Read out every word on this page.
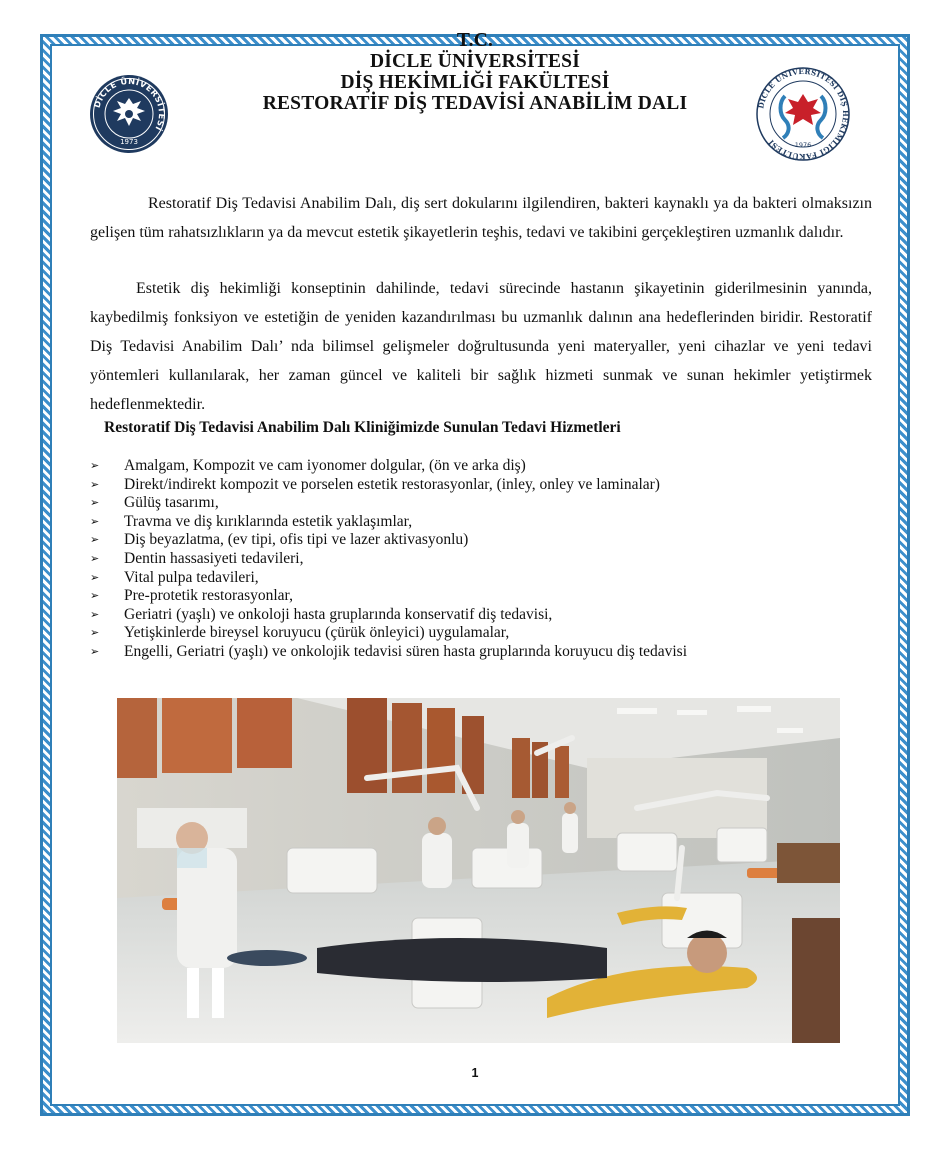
DİCLE ÜNİVERSİTESİ
1973
DİCLE ÜNİVERSİTESİ DİŞ HEKİMLİĞİ FAKÜLTESİ	1976
T.C.
DİCLE ÜNİVERSİTESİ
DİŞ HEKİMLİĞİ FAKÜLTESİ
RESTORATİF DİŞ TEDAVİSİ ANABİLİM DALI
Restoratif Diş Tedavisi Anabilim Dalı, diş sert dokularını ilgilendiren, bakteri kaynaklı ya da bakteri olmaksızın gelişen tüm rahatsızlıkların ya da mevcut estetik şikayetlerin teşhis, tedavi ve takibini gerçekleştiren uzmanlık dalıdır.
Estetik diş hekimliği konseptinin dahilinde, tedavi sürecinde hastanın şikayetinin giderilmesinin yanında, kaybedilmiş fonksiyon ve estetiğin de yeniden kazandırılması bu uzmanlık dalının ana hedeflerinden biridir. Restoratif Diş Tedavisi Anabilim Dalı’ nda bilimsel gelişmeler doğrultusunda yeni materyaller, yeni cihazlar ve yeni tedavi yöntemleri kullanılarak, her zaman güncel ve kaliteli bir sağlık hizmeti sunmak ve sunan hekimler yetiştirmek hedeflenmektedir.
Restoratif Diş Tedavisi Anabilim Dalı Kliniğimizde Sunulan Tedavi Hizmetleri
➢ Amalgam, Kompozit ve cam iyonomer dolgular, (ön ve arka diş)
➢ Direkt/indirekt kompozit ve porselen estetik restorasyonlar, (inley, onley ve laminalar)
➢ Gülüş tasarımı,
➢ Travma ve diş kırıklarında estetik yaklaşımlar,
➢ Diş beyazlatma, (ev tipi, ofis tipi ve lazer aktivasyonlu)
➢ Dentin hassasiyeti tedavileri,
➢ Vital pulpa tedavileri,
➢ Pre-protetik restorasyonlar,
➢ Geriatri (yaşlı) ve onkoloji hasta gruplarında konservatif diş tedavisi,
➢ Yetişkinlerde bireysel koruyucu (çürük önleyici) uygulamalar,
➢ Engelli, Geriatri (yaşlı) ve onkolojik tedavisi süren hasta gruplarında koruyucu diş tedavisi
1
